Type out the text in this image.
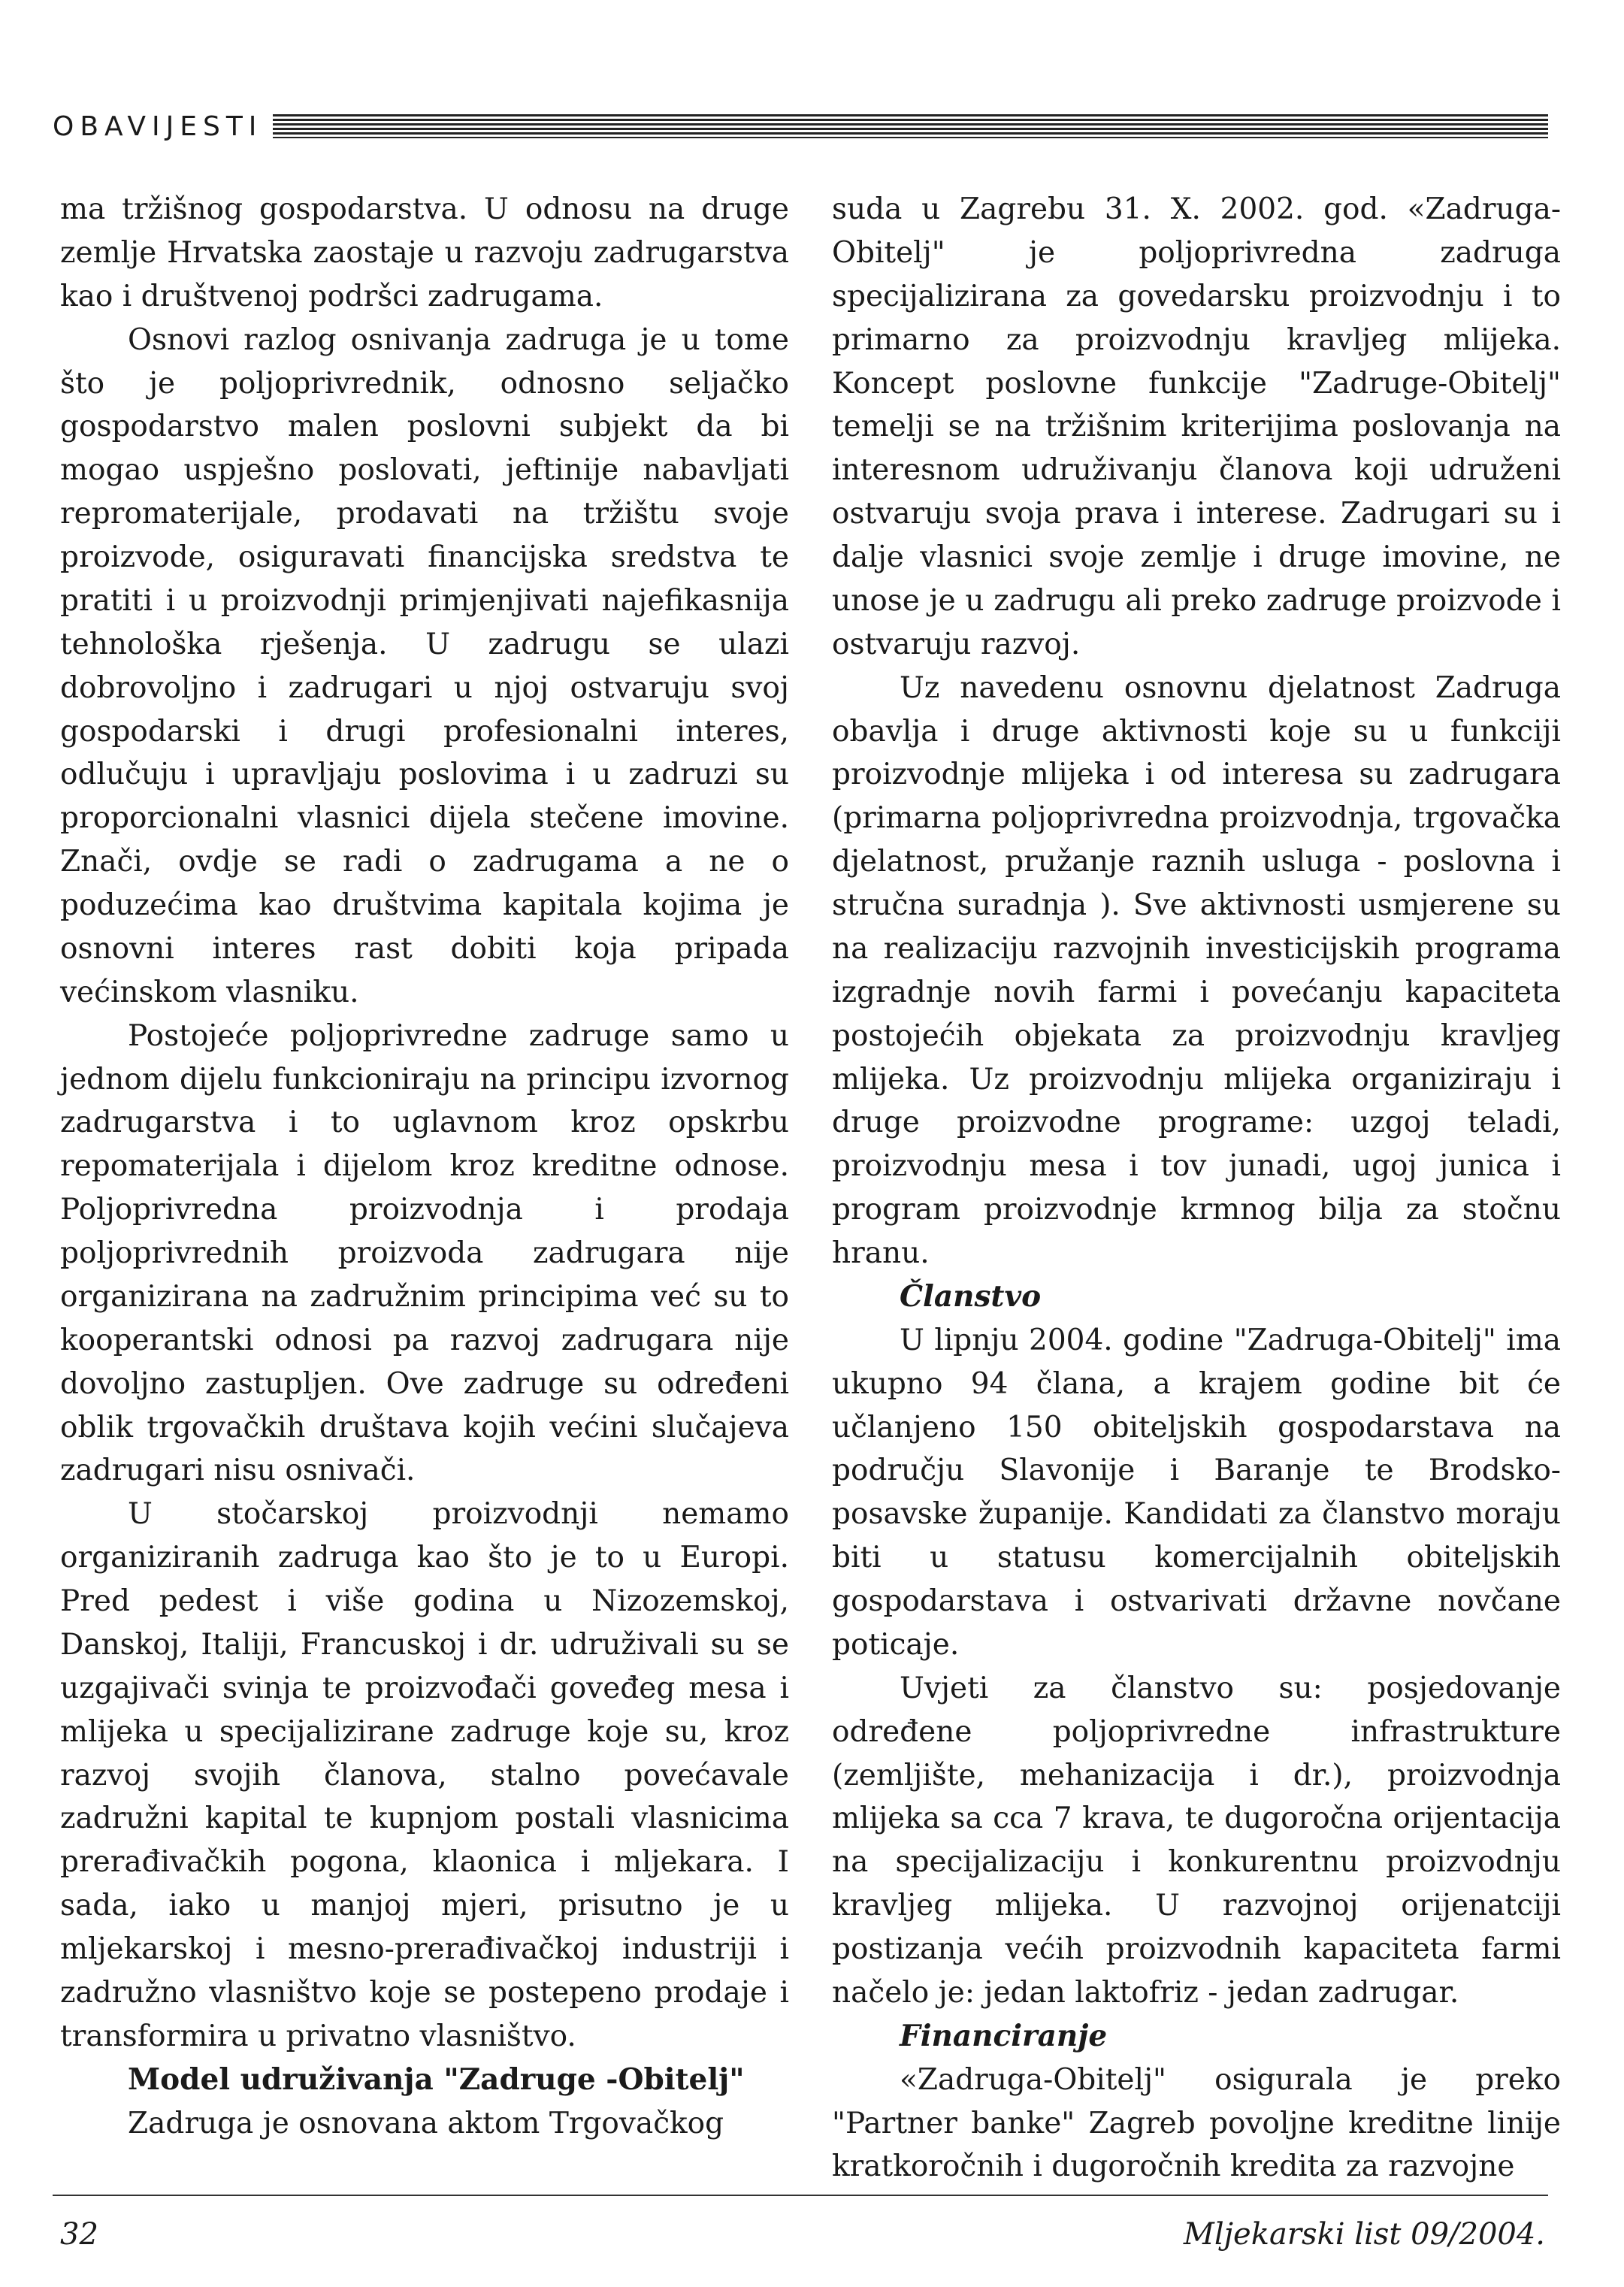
OBAVIJESTI

ma tržišnog gospodarstva. U odnosu na druge zemlje Hrvatska zaostaje u razvoju zadrugarstva kao i društvenoj podršci zadrugama.

Osnovi razlog osnivanja zadruga je u tome što je poljoprivrednik, odnosno seljačko gospodarstvo malen poslovni subjekt da bi mogao uspješno poslovati, jeftinije nabavljati repromaterijale, prodavati na tržištu svoje proizvode, osiguravati financijska sredstva te pratiti i u proizvodnji primjenjivati najefikasnija tehnološka rješenja. U zadrugu se ulazi dobrovoljno i zadrugari u njoj ostvaruju svoj gospodarski i drugi profesionalni interes, odlučuju i upravljaju poslovima i u zadruzi su proporcionalni vlasnici dijela stečene imovine. Znači, ovdje se radi o zadrugama a ne o poduzećima kao društvima kapitala kojima je osnovni interes rast dobiti koja pripada većinskom vlasniku.

Postojeće poljoprivredne zadruge samo u jednom dijelu funkcioniraju na principu izvornog zadrugarstva i to uglavnom kroz opskrbu repomaterijala i dijelom kroz kreditne odnose. Poljoprivredna proizvodnja i prodaja poljoprivrednih proizvoda zadrugara nije organizirana na zadružnim principima već su to kooperantski odnosi pa razvoj zadrugara nije dovoljno zastupljen. Ove zadruge su određeni oblik trgovačkih društava kojih većini slučajeva zadrugari nisu osnivači.

U stočarskoj proizvodnji nemamo organiziranih zadruga kao što je to u Europi. Pred pedest i više godina u Nizozemskoj, Danskoj, Italiji, Francuskoj i dr. udruživali su se uzgajivači svinja te proizvođači goveđeg mesa i mlijeka u specijalizirane zadruge koje su, kroz razvoj svojih članova, stalno povećavale zadružni kapital te kupnjom postali vlasnicima prerađivačkih pogona, klaonica i mljekara. I sada, iako u manjoj mjeri, prisutno je u mljekarskoj i mesno-prerađivačkoj industriji i zadružno vlasništvo koje se postepeno prodaje i transformira u privatno vlasništvo.

Model udruživanja "Zadruge -Obitelj"

Zadruga je osnovana aktom Trgovačkog

suda u Zagrebu 31. X. 2002. god. «Zadruga-Obitelj" je poljoprivredna zadruga specijalizirana za govedarsku proizvodnju i to primarno za proizvodnju kravljeg mlijeka. Koncept poslovne funkcije "Zadruge-Obitelj" temelji se na tržišnim kriterijima poslovanja na interesnom udruživanju članova koji udruženi ostvaruju svoja prava i interese. Zadrugari su i dalje vlasnici svoje zemlje i druge imovine, ne unose je u zadrugu ali preko zadruge proizvode i ostvaruju razvoj.

Uz navedenu osnovnu djelatnost Zadruga obavlja i druge aktivnosti koje su u funkciji proizvodnje mlijeka i od interesa su zadrugara (primarna poljoprivredna proizvodnja, trgovačka djelatnost, pružanje raznih usluga - poslovna i stručna suradnja ). Sve aktivnosti usmjerene su na realizaciju razvojnih investicijskih programa izgradnje novih farmi i povećanju kapaciteta postojećih objekata za proizvodnju kravljeg mlijeka. Uz proizvodnju mlijeka organiziraju i druge proizvodne programe: uzgoj teladi, proizvodnju mesa i tov junadi, ugoj junica i program proizvodnje krmnog bilja za stočnu hranu.

Članstvo

U lipnju 2004. godine "Zadruga-Obitelj" ima ukupno 94 člana, a krajem godine bit će učlanjeno 150 obiteljskih gospodarstava na području Slavonije i Baranje te Brodsko-posavske županije. Kandidati za članstvo moraju biti u statusu komercijalnih obiteljskih gospodarstava i ostvarivati državne novčane poticaje.

Uvjeti za članstvo su: posjedovanje određene poljoprivredne infrastrukture (zemljište, mehanizacija i dr.), proizvodnja mlijeka sa cca 7 krava, te dugoročna orijentacija na specijalizaciju i konkurentnu proizvodnju kravljeg mlijeka. U razvojnoj orijenatciji postizanja većih proizvodnih kapaciteta farmi načelo je: jedan laktofriz - jedan zadrugar.

Financiranje

«Zadruga-Obitelj" osigurala je preko "Partner banke" Zagreb povoljne kreditne linije kratkoročnih i dugoročnih kredita za razvojne

32	Mljekarski list 09/2004.
